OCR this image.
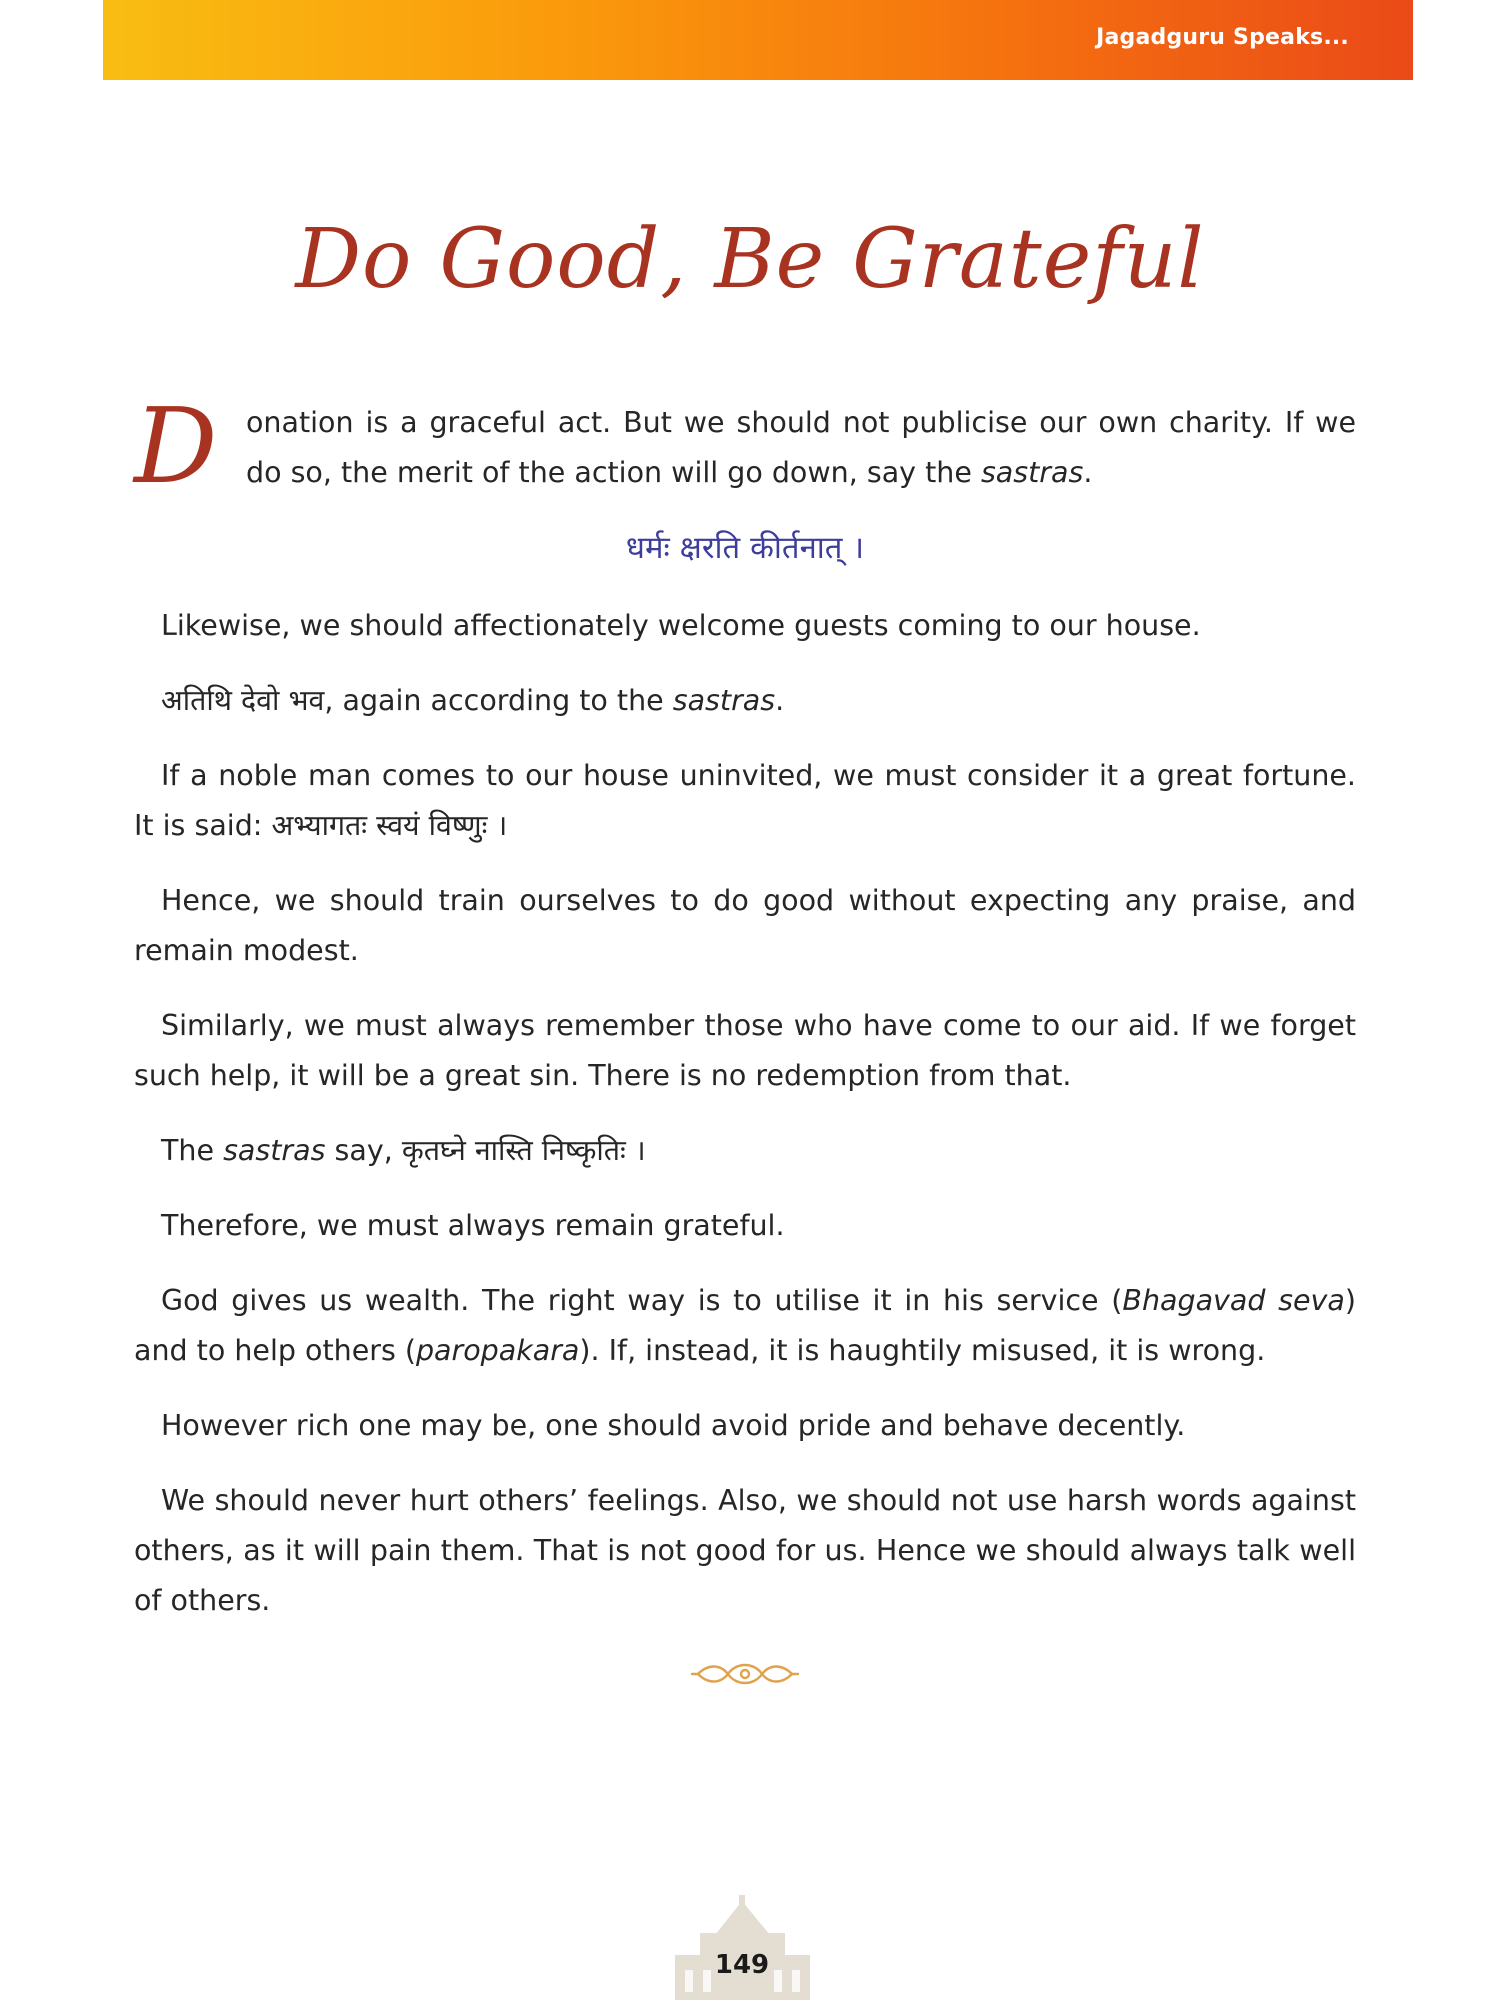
Jagadguru Speaks...
Do Good, Be Grateful

D	onation is a graceful act. But we should not publicise our own charity. If we do so, the merit of the action will go down, say the sastras.

धर्मः क्षरति कीर्तनात् ।

Likewise, we should affectionately welcome guests coming to our house.

अतिथि देवो भव, again according to the sastras.

If a noble man comes to our house uninvited, we must consider it a great fortune. It is said: अभ्यागतः स्वयं विष्णुः ।

Hence, we should train ourselves to do good without expecting any praise, and remain modest.

Similarly, we must always remember those who have come to our aid. If we forget such help, it will be a great sin. There is no redemption from that.

The sastras say, कृतघ्ने नास्ति निष्कृतिः ।

Therefore, we must always remain grateful.

God gives us wealth. The right way is to utilise it in his service (Bhagavad seva) and to help others (paropakara). If, instead, it is haughtily misused, it is wrong.

However rich one may be, one should avoid pride and behave decently.

We should never hurt others’ feelings. Also, we should not use harsh words against others, as it will pain them. That is not good for us. Hence we should always talk well of others.

149
